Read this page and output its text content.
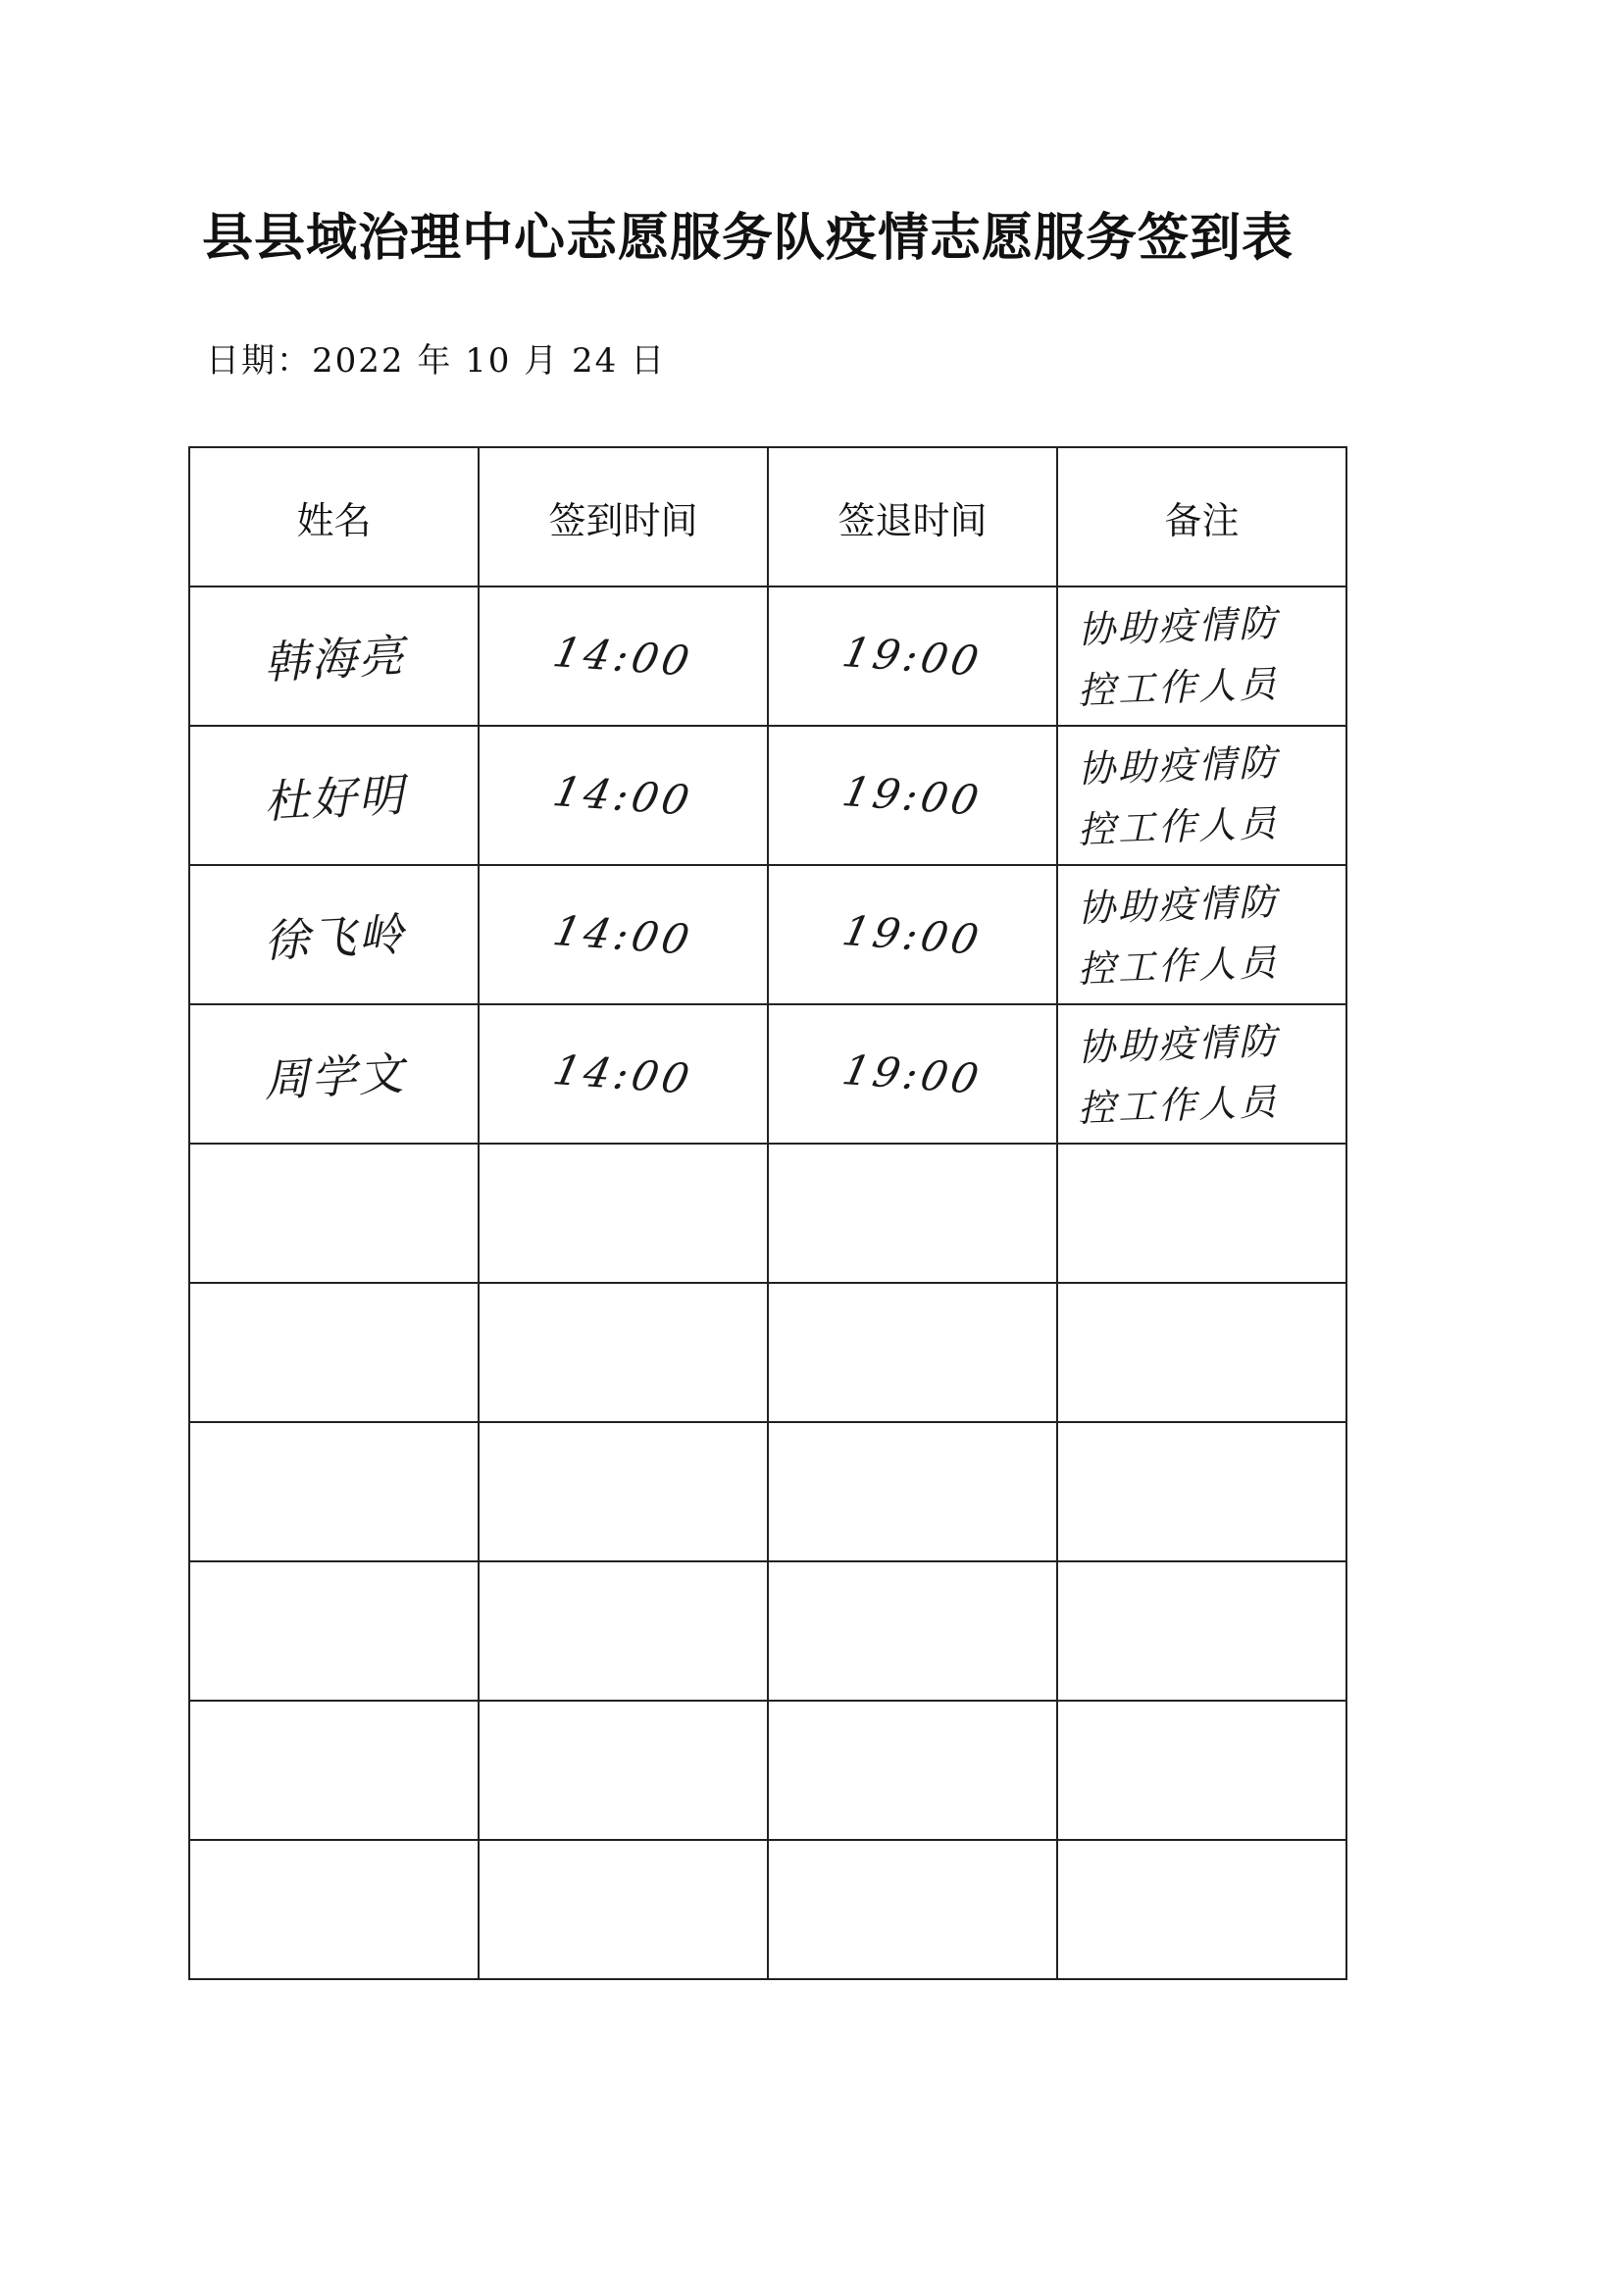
县县域治理中心志愿服务队疫情志愿服务签到表
日期：2022 年 10 月 24 日
姓名	签到时间	签退时间	备注
韩海亮	14:00	19:00	协助疫情防
控工作人员

杜好明	14:00	19:00	协助疫情防
控工作人员

徐飞岭	14:00	19:00	协助疫情防
控工作人员

周学文	14:00	19:00	协助疫情防
控工作人员
